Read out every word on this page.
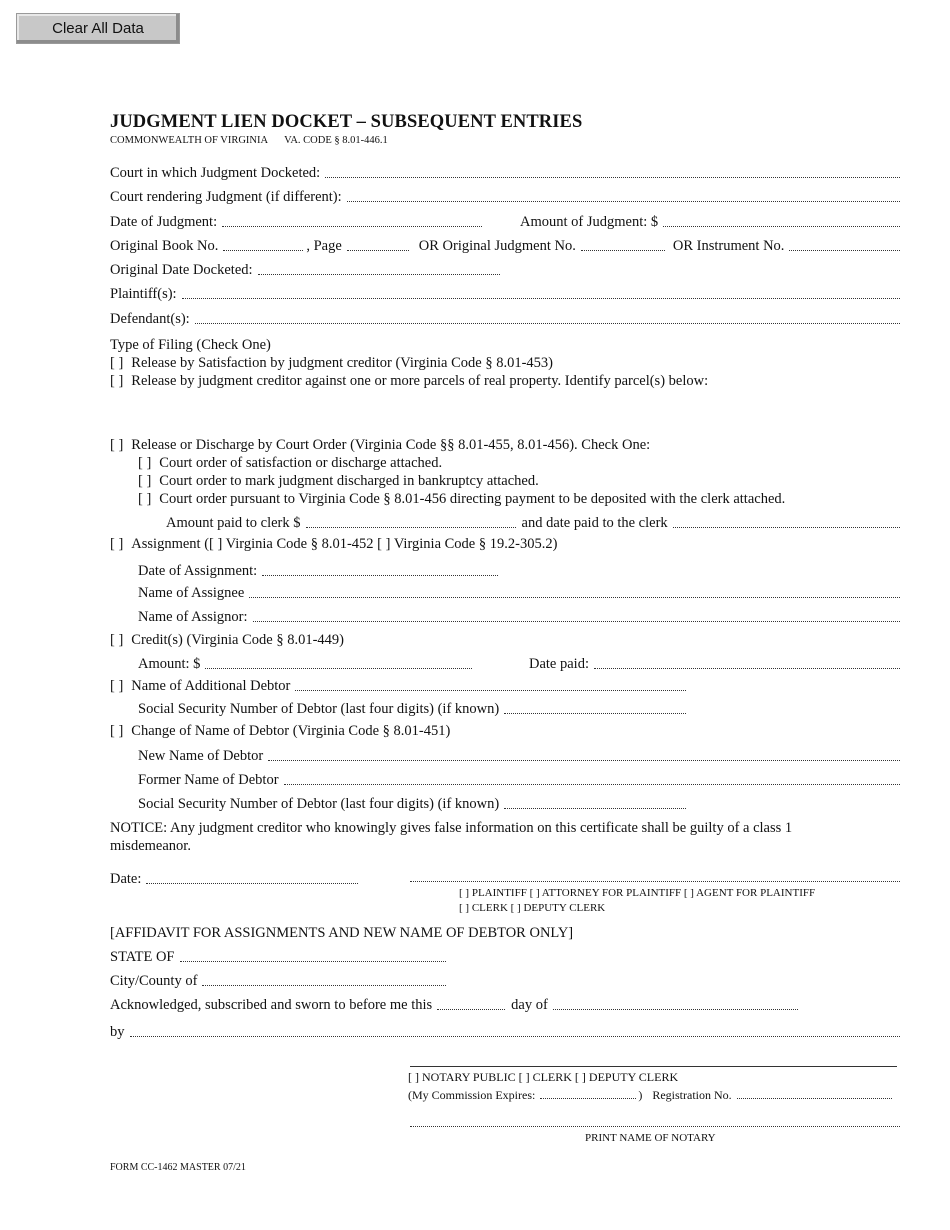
Clear All Data
JUDGMENT LIEN DOCKET – SUBSEQUENT ENTRIES
COMMONWEALTH OF VIRGINIA VA. CODE § 8.01-446.1
Court in which Judgment Docketed:
Court rendering Judgment (if different):
Date of Judgment:	Amount of Judgment: $
Original Book No.	, Page	OR Original Judgment No.	OR Instrument No.
Original Date Docketed:
Plaintiff(s):
Defendant(s):
Type of Filing (Check One)
[ ] Release by Satisfaction by judgment creditor (Virginia Code § 8.01-453)
[ ] Release by judgment creditor against one or more parcels of real property. Identify parcel(s) below:
[ ] Release or Discharge by Court Order (Virginia Code §§ 8.01-455, 8.01-456). Check One:
[ ] Court order of satisfaction or discharge attached.
[ ] Court order to mark judgment discharged in bankruptcy attached.
[ ] Court order pursuant to Virginia Code § 8.01-456 directing payment to be deposited with the clerk attached.
Amount paid to clerk $	and date paid to the clerk
[ ] Assignment ([ ] Virginia Code § 8.01-452 [ ] Virginia Code § 19.2-305.2)
Date of Assignment:
Name of Assignee
Name of Assignor:
[ ] Credit(s) (Virginia Code § 8.01-449)
Amount: $	Date paid:
[ ] Name of Additional Debtor
Social Security Number of Debtor (last four digits) (if known)
[ ] Change of Name of Debtor (Virginia Code § 8.01-451)
New Name of Debtor
Former Name of Debtor
Social Security Number of Debtor (last four digits) (if known)
NOTICE: Any judgment creditor who knowingly gives false information on this certificate shall be guilty of a class 1
misdemeanor.
Date:
[ ] PLAINTIFF [ ] ATTORNEY FOR PLAINTIFF [ ] AGENT FOR PLAINTIFF
[ ] CLERK [ ] DEPUTY CLERK
[AFFIDAVIT FOR ASSIGNMENTS AND NEW NAME OF DEBTOR ONLY]
STATE OF
City/County of
Acknowledged, subscribed and sworn to before me this	day of
by
[ ] NOTARY PUBLIC [ ] CLERK [ ] DEPUTY CLERK
(My Commission Expires:	) Registration No.
PRINT NAME OF NOTARY
FORM CC-1462 MASTER 07/21
